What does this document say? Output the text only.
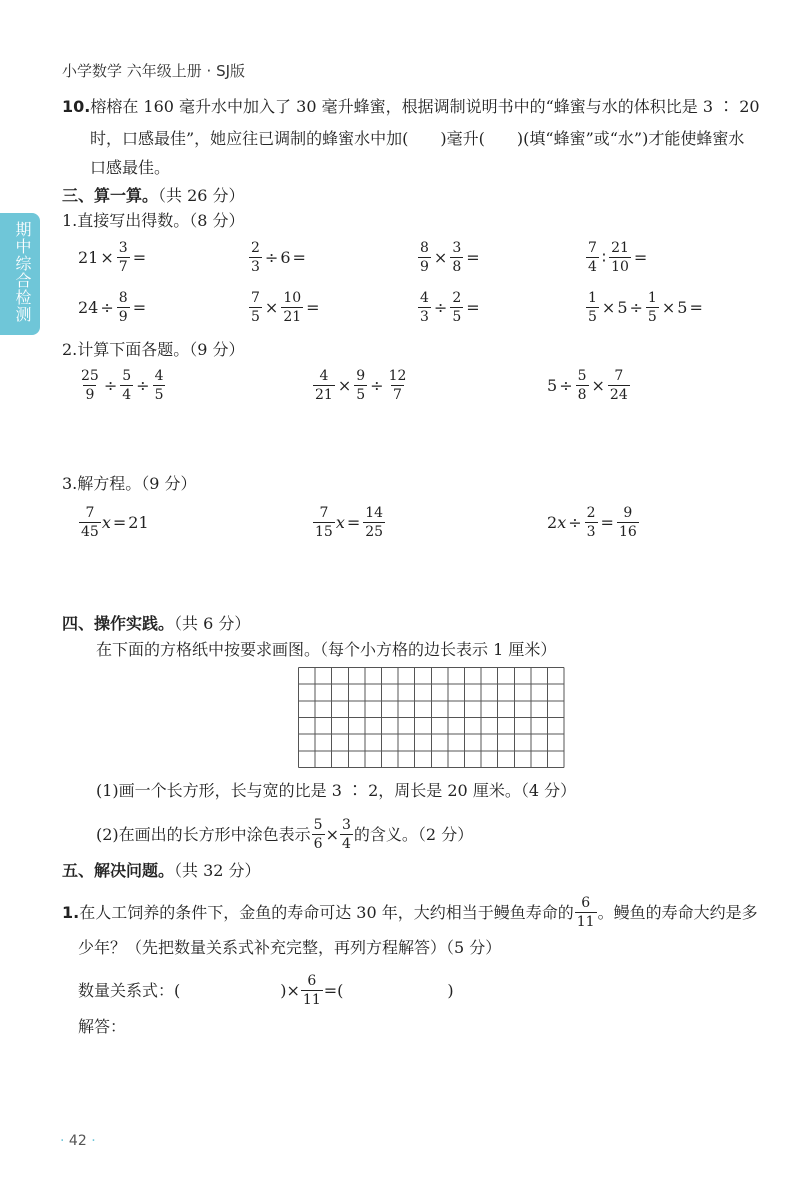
小学数学 六年级上册 · SJ版
期中综合检测
10.榕榕在 160 毫升水中加入了 30 毫升蜂蜜，根据调制说明书中的“蜂蜜与水的体积比是 3 ∶ 20
时，口感最佳”，她应往已调制的蜂蜜水中加(　　)毫升(　　)(填“蜂蜜”或“水”)才能使蜂蜜水
口感最佳。
三、算一算。（共 26 分）
1.直接写出得数。（8 分）
$21 \times \frac{3}{7}$ =	$\frac{2}{3} \div 6$ =	$\frac{8}{9} \times \frac{3}{8}$ =	$\frac{7}{4}$ ∶ $\frac{21}{10}$ =
$24 \div \frac{8}{9}$ =	$\frac{7}{5} \times \frac{10}{21}$ =	$\frac{4}{3} \div \frac{2}{5}$ =	$\frac{1}{5} \times 5 \div \frac{1}{5} \times 5$ =
2.计算下面各题。（9 分）
$\frac{25}{9} \div \frac{5}{4} \div \frac{4}{5}$	$\frac{4}{21} \times \frac{9}{5} \div \frac{12}{7}$	$5 \div \frac{5}{8} \times \frac{7}{24}$
3.解方程。（9 分）
$\frac{7}{45}$ x = 21	$\frac{7}{15}$ $x = \frac{14}{25}$	2 $x \div \frac{2}{3} = \frac{9}{16}$
四、操作实践。（共 6 分）
在下面的方格纸中按要求画图。（每个小方格的边长表示 1 厘米）
(1)画一个长方形，长与宽的比是 3 ∶ 2，周长是 20 厘米。（4 分）
(2)在画出的长方形中涂色表示 $\frac{5}{6} \times \frac{3}{4}$ 的含义。（2 分）
五、解决问题。（共 32 分）
1. 在人工饲养的条件下，金鱼的寿命可达 30 年，大约相当于鳗鱼寿命的 $\frac{6}{11}$ 。鳗鱼的寿命大约是多
少年？（先把数量关系式补充完整，再列方程解答）（5 分）
数量关系式：(	) × $\frac{6}{11}$ =(	)
解答：
· 42 ·
